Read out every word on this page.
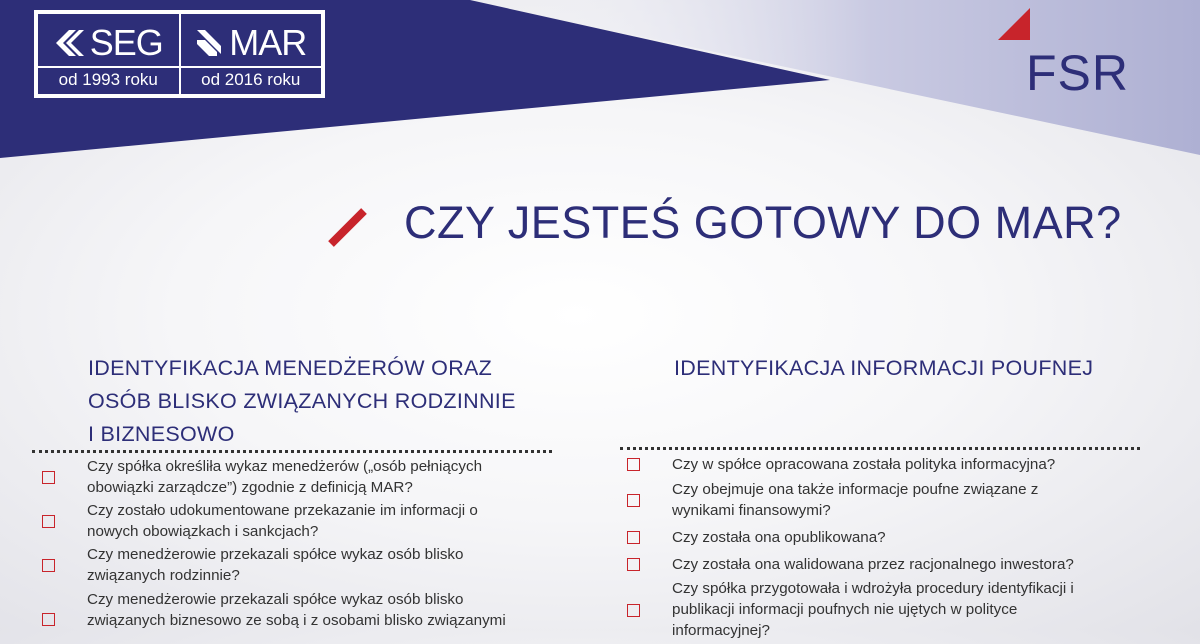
SEG
od 1993 roku
MAR
od 2016 roku	FSR
CZY JESTEŚ GOTOWY DO MAR?

IDENTYFIKACJA MENEDŻERÓW ORAZ
OSÓB BLISKO ZWIĄZANYCH RODZINNIE
I BIZNESOWO

IDENTYFIKACJA INFORMACJI POUFNEJ

Czy spółka określiła wykaz menedżerów („osób pełniących
obowiązki zarządcze”) zgodnie z definicją MAR?
Czy zostało udokumentowane przekazanie im informacji o
nowych obowiązkach i sankcjach?
Czy menedżerowie przekazali spółce wykaz osób blisko
związanych rodzinnie?
Czy menedżerowie przekazali spółce wykaz osób blisko
związanych biznesowo ze sobą i z osobami blisko związanymi
Czy w spółce opracowana została polityka informacyjna?
Czy obejmuje ona także informacje poufne związane z
wynikami finansowymi?
Czy została ona opublikowana?
Czy została ona walidowana przez racjonalnego inwestora?
Czy spółka przygotowała i wdrożyła procedury identyfikacji i
publikacji informacji poufnych nie ujętych w polityce
informacyjnej?
